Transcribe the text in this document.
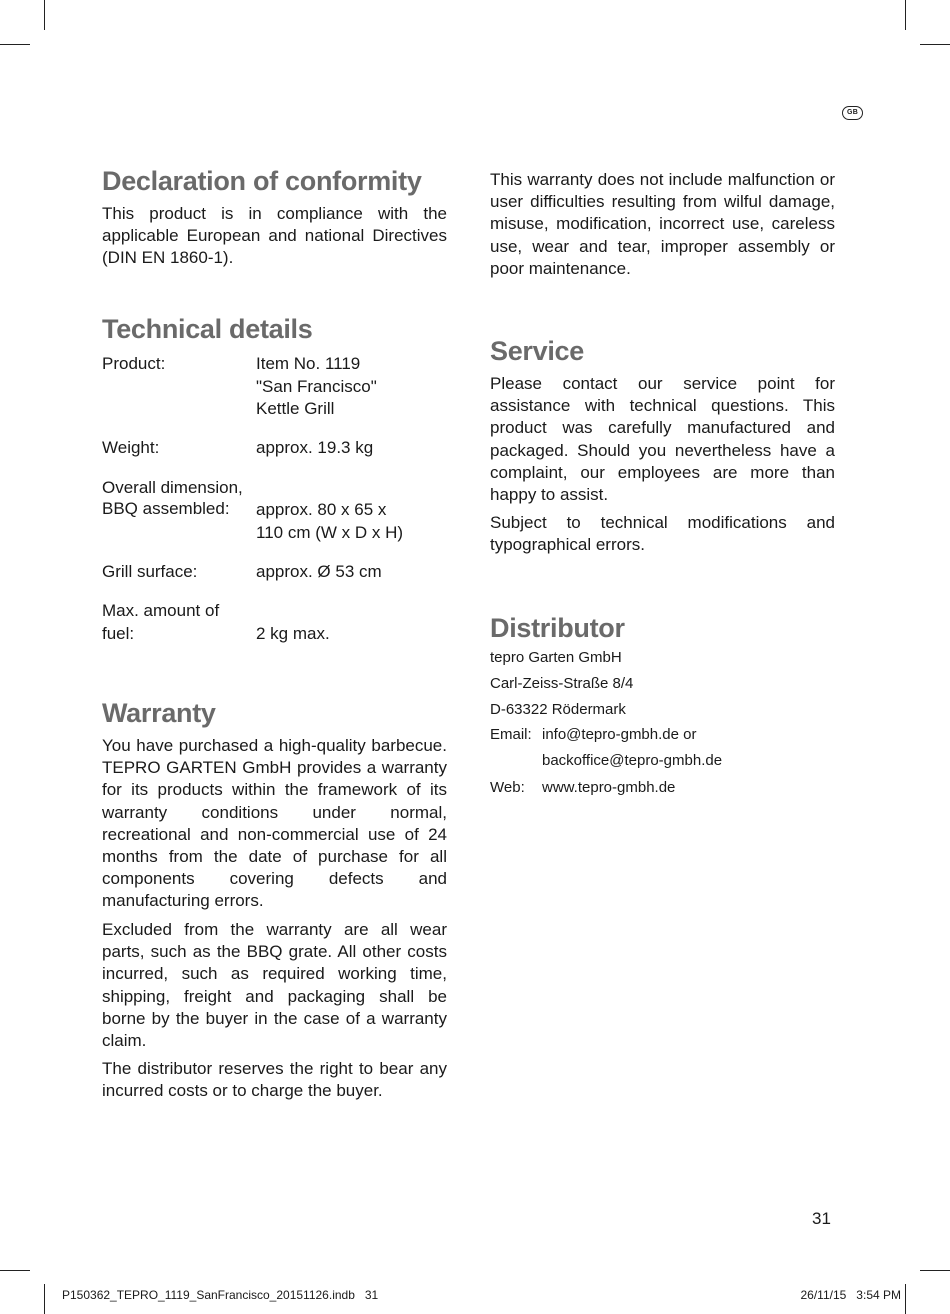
GB
Declaration of conformity

This product is in compliance with the applicable European and national Directives (DIN EN 1860-1).

Technical details
Product:	Item No. 1119
"San Francisco"
Kettle Grill
Weight:	approx. 19.3 kg
Overall dimension,
BBQ assembled:	approx. 80 x 65 x
110 cm (W x D x H)
Grill surface:	approx. Ø 53 cm
Max. amount of
fuel:	2 kg max.
Warranty

You have purchased a high-quality barbecue. TEPRO GARTEN GmbH provides a warranty for its products within the framework of its warranty conditions under normal, recreational and non-commercial use of 24 months from the date of purchase for all components covering defects and manufacturing errors.

Excluded from the warranty are all wear parts, such as the BBQ grate. All other costs incurred, such as required working time, shipping, freight and packaging shall be borne by the buyer in the case of a warranty claim.

The distributor reserves the right to bear any incurred costs or to charge the buyer.

This warranty does not include malfunction or user difficulties resulting from wilful damage, misuse, modification, incorrect use, careless use, wear and tear, improper assembly or poor maintenance.

Service

Please contact our service point for assistance with technical questions. This product was carefully manufactured and packaged. Should you nevertheless have a complaint, our employees are more than happy to assist.

Subject to technical modifications and typographical errors.

Distributor
tepro Garten GmbH
Carl-Zeiss-Straße 8/4
D-63322 Rödermark
Email: info@tepro-gmbh.de or
backoffice@tepro-gmbh.de
Web: www.tepro-gmbh.de
31
P150362_TEPRO_1119_SanFrancisco_20151126.indb   31	26/11/15   3:54 PM
